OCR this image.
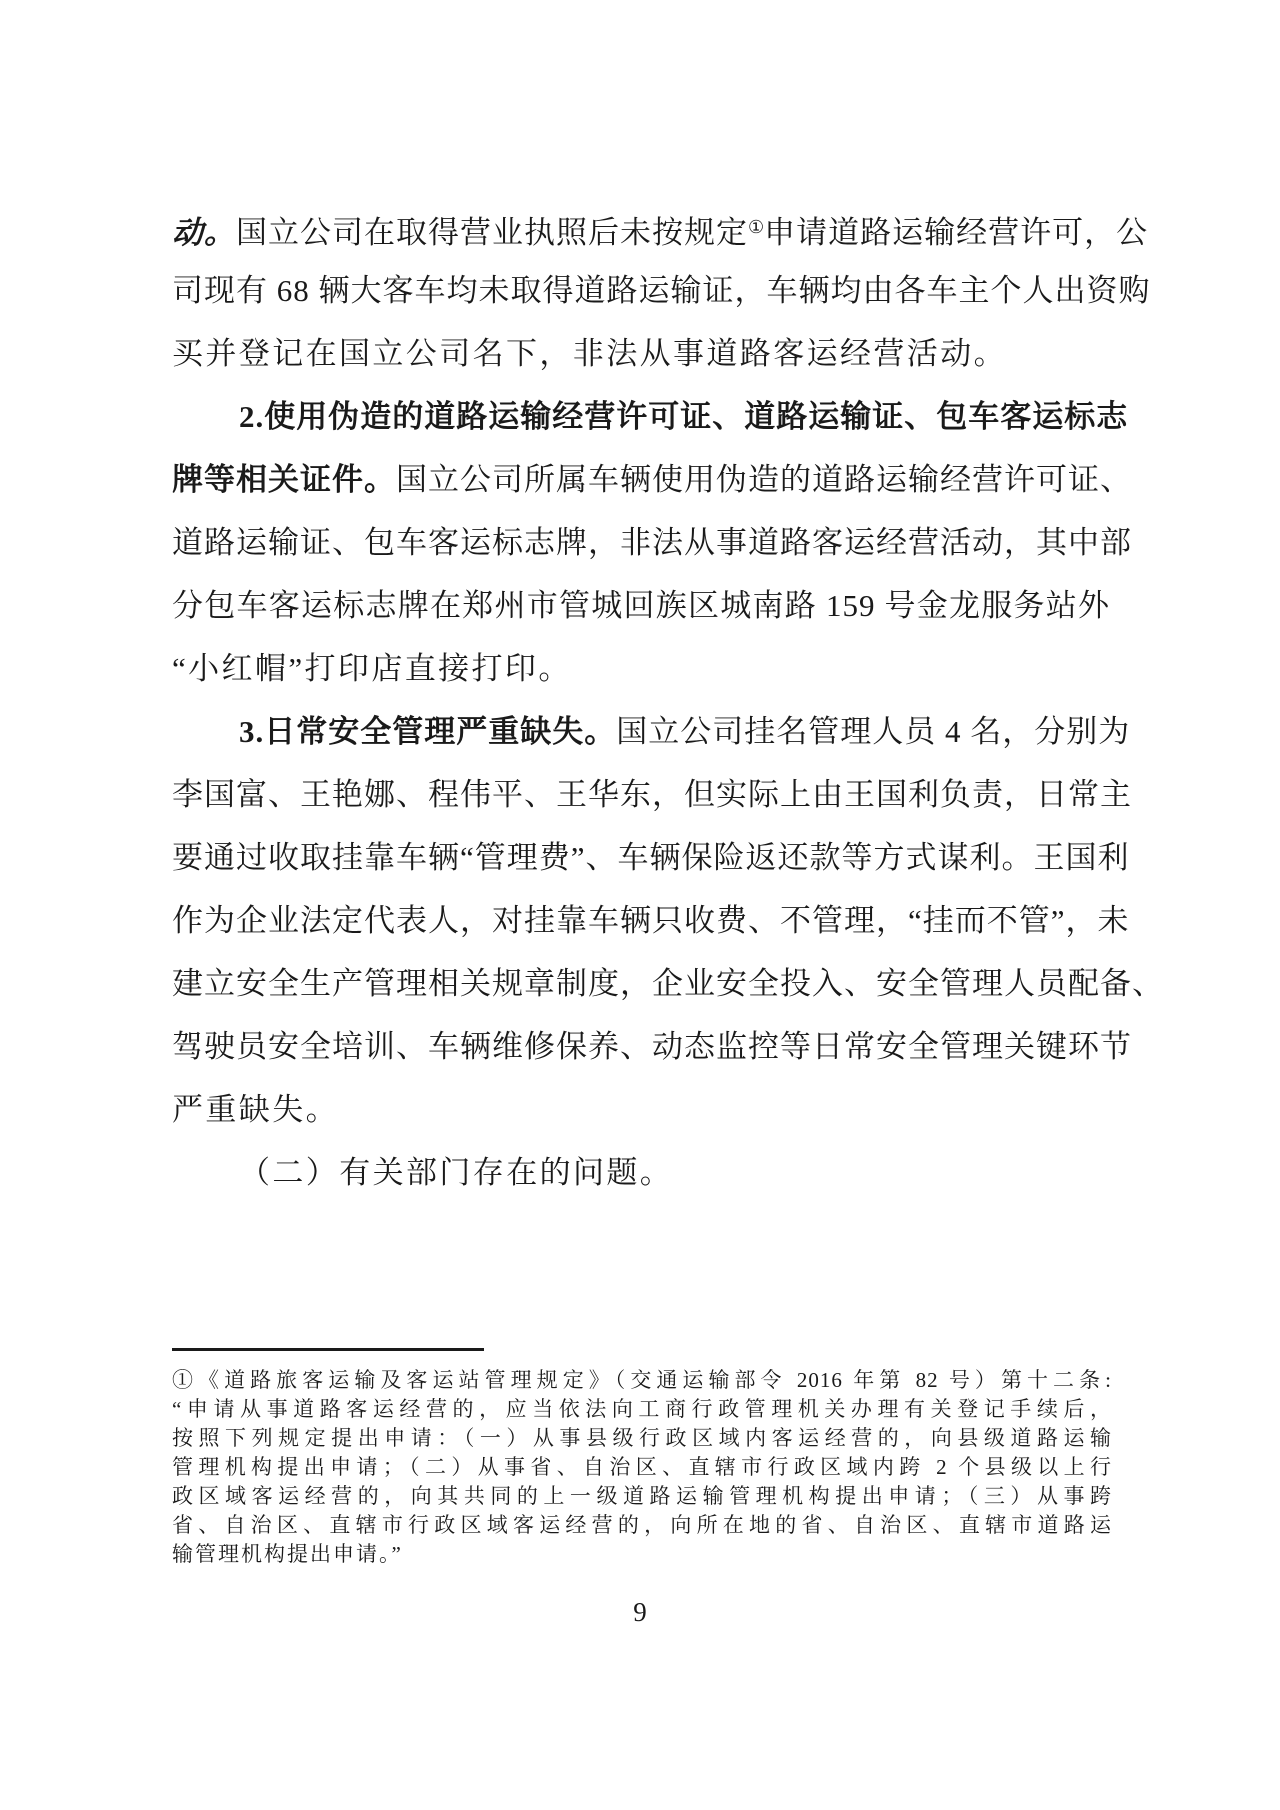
动。国立公司在取得营业执照后未按规定①申请道路运输经营许可，公
司现有 68 辆大客车均未取得道路运输证，车辆均由各车主个人出资购
买并登记在国立公司名下，非法从事道路客运经营活动。
2.使用伪造的道路运输经营许可证、道路运输证、包车客运标志
牌等相关证件。国立公司所属车辆使用伪造的道路运输经营许可证、
道路运输证、包车客运标志牌，非法从事道路客运经营活动，其中部
分包车客运标志牌在郑州市管城回族区城南路 159 号金龙服务站外
“小红帽”打印店直接打印。
3.日常安全管理严重缺失。国立公司挂名管理人员 4 名，分别为
李国富、王艳娜、程伟平、王华东，但实际上由王国利负责，日常主
要通过收取挂靠车辆“管理费”、车辆保险返还款等方式谋利。王国利
作为企业法定代表人，对挂靠车辆只收费、不管理，“挂而不管”，未
建立安全生产管理相关规章制度，企业安全投入、安全管理人员配备、
驾驶员安全培训、车辆维修保养、动态监控等日常安全管理关键环节
严重缺失。
（二）有关部门存在的问题。
①《道路旅客运输及客运站管理规定》（交通运输部令 2016 年第 82 号）第十二条:
“申请从事道路客运经营的，应当依法向工商行政管理机关办理有关登记手续后，
按照下列规定提出申请：（一）从事县级行政区域内客运经营的，向县级道路运输
管理机构提出申请；（二）从事省、自治区、直辖市行政区域内跨 2 个县级以上行
政区域客运经营的，向其共同的上一级道路运输管理机构提出申请；（三）从事跨
省、自治区、直辖市行政区域客运经营的，向所在地的省、自治区、直辖市道路运
输管理机构提出申请。”
9
